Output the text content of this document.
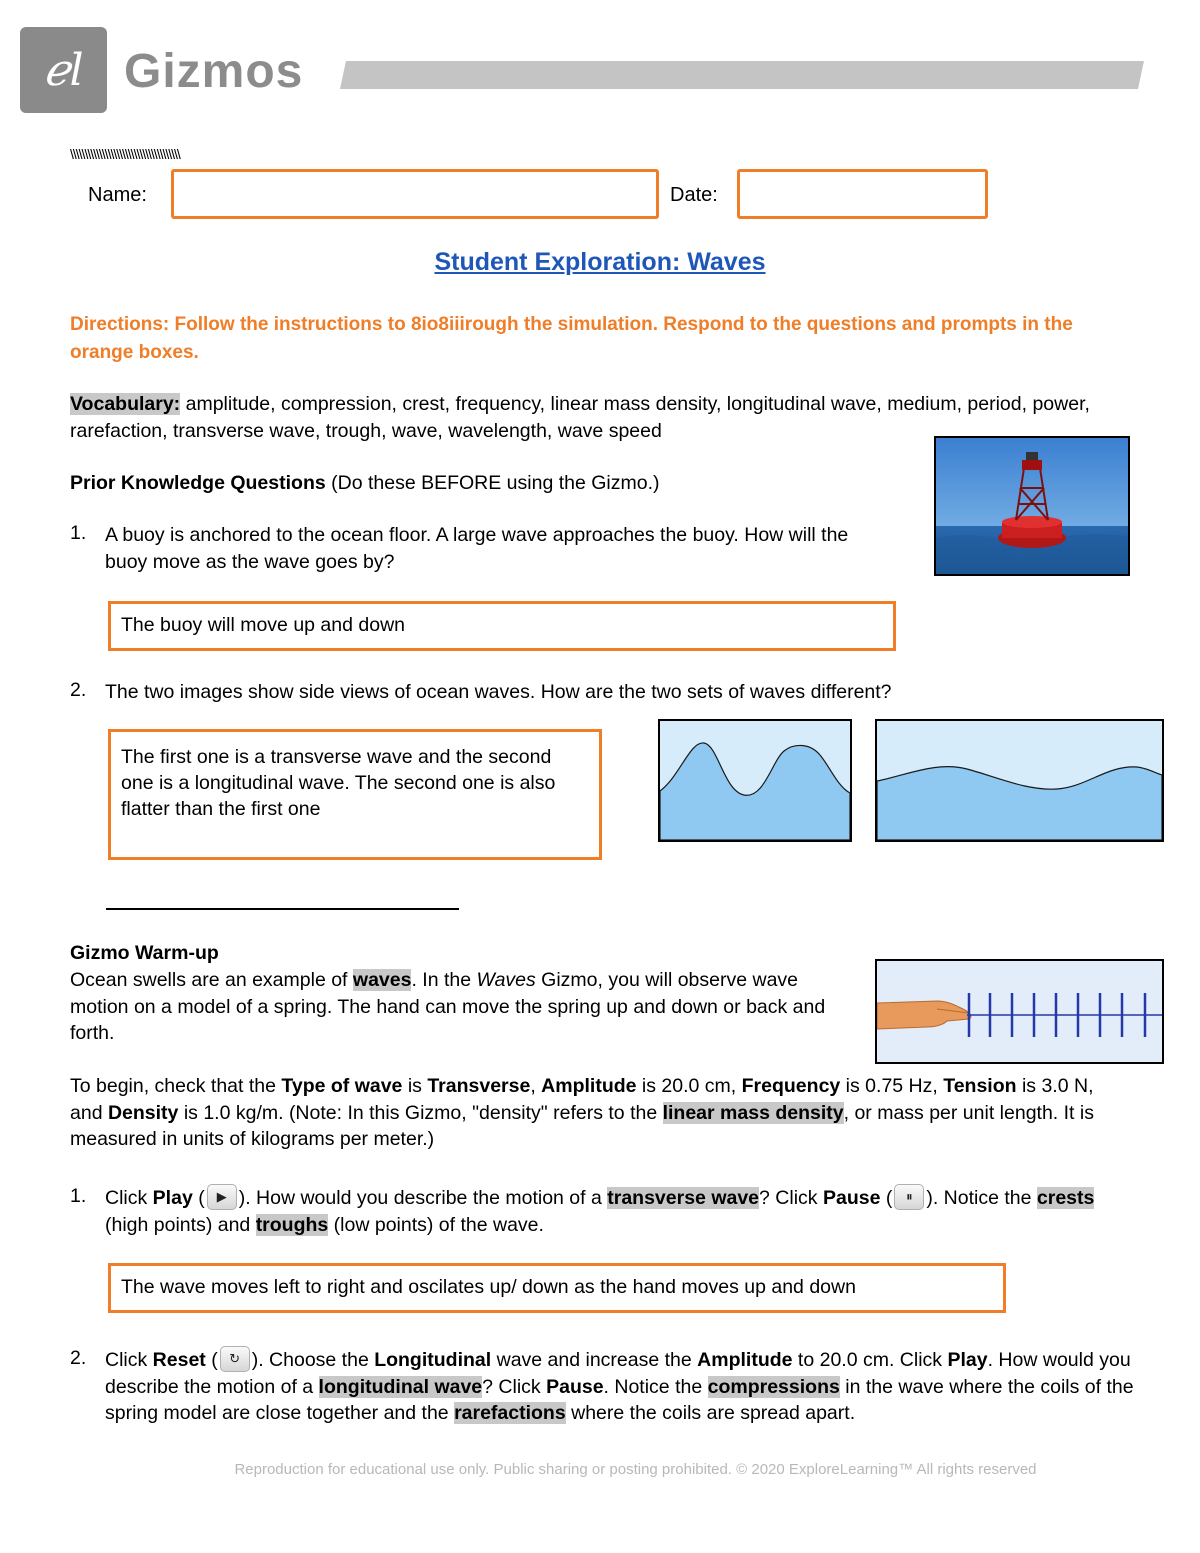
ℯl Gizmos
\\\\\\\\\\\\\\\\\\\\\\\\\\\\\\\\\\\\\\
Name:	Date:
Student Exploration: Waves
Directions: Follow the instructions to 8io8iiirough the simulation. Respond to the questions and prompts in the orange boxes.
Vocabulary: amplitude, compression, crest, frequency, linear mass density, longitudinal wave, medium, period, power, rarefaction, transverse wave, trough, wave, wavelength, wave speed
Prior Knowledge Questions (Do these BEFORE using the Gizmo.)
1. A buoy is anchored to the ocean floor. A large wave approaches the buoy. How will the buoy move as the wave goes by?
The buoy will move up and down
2. The two images show side views of ocean waves. How are the two sets of waves different?
The first one is a transverse wave and the second one is a longitudinal wave. The second one is also flatter than the first one
Gizmo Warm-up
Ocean swells are an example of waves. In the Waves Gizmo, you will observe wave motion on a model of a spring. The hand can move the spring up and down or back and forth.
To begin, check that the Type of wave is Transverse, Amplitude is 20.0 cm, Frequency is 0.75 Hz, Tension is 3.0 N, and Density is 1.0 kg/m. (Note: In this Gizmo, "density" refers to the linear mass density, or mass per unit length. It is measured in units of kilograms per meter.)
1. Click Play ( ▶ ). How would you describe the motion of a transverse wave? Click Pause ( ⏸ ). Notice the crests (high points) and troughs (low points) of the wave.
The wave moves left to right and oscilates up/ down as the hand moves up and down
2. Click Reset ( ↻ ). Choose the Longitudinal wave and increase the Amplitude to 20.0 cm. Click Play. How would you describe the motion of a longitudinal wave? Click Pause. Notice the compressions in the wave where the coils of the spring model are close together and the rarefactions where the coils are spread apart.
Reproduction for educational use only. Public sharing or posting prohibited. © 2020 ExploreLearning™ All rights reserved
